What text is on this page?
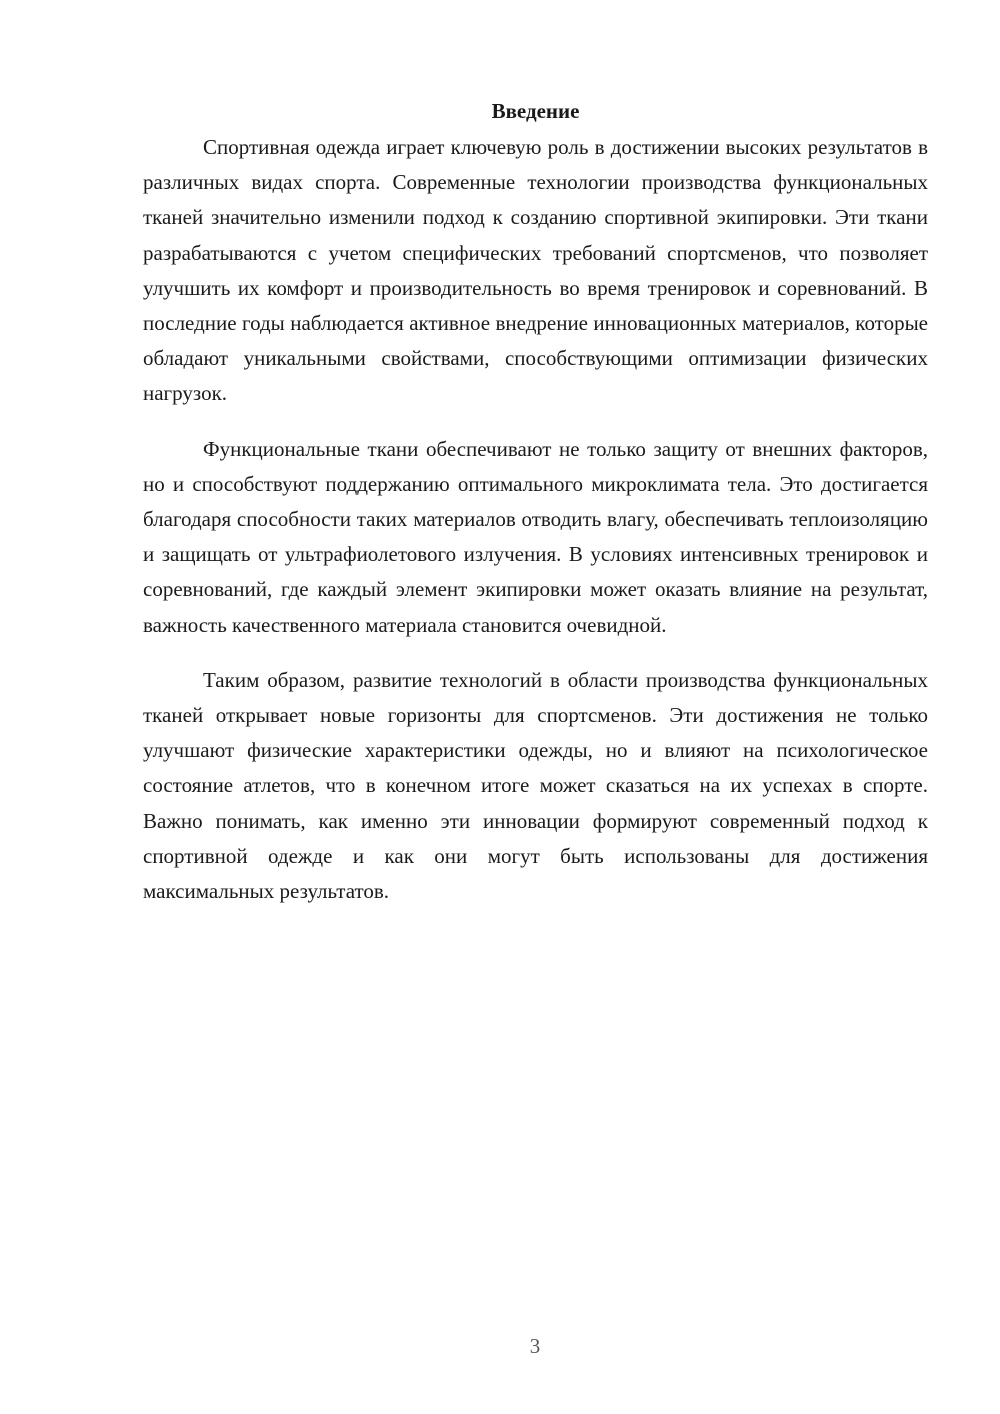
Введение

Спортивная одежда играет ключевую роль в достижении высоких результатов в различных видах спорта. Современные технологии производства функциональных тканей значительно изменили подход к созданию спортивной экипировки. Эти ткани разрабатываются с учетом специфических требований спортсменов, что позволяет улучшить их комфорт и производительность во время тренировок и соревнований. В последние годы наблюдается активное внедрение инновационных материалов, которые обладают уникальными свойствами, способствующими оптимизации физических нагрузок.

Функциональные ткани обеспечивают не только защиту от внешних факторов, но и способствуют поддержанию оптимального микроклимата тела. Это достигается благодаря способности таких материалов отводить влагу, обеспечивать теплоизоляцию и защищать от ультрафиолетового излучения. В условиях интенсивных тренировок и соревнований, где каждый элемент экипировки может оказать влияние на результат, важность качественного материала становится очевидной.

Таким образом, развитие технологий в области производства функциональных тканей открывает новые горизонты для спортсменов. Эти достижения не только улучшают физические характеристики одежды, но и влияют на психологическое состояние атлетов, что в конечном итоге может сказаться на их успехах в спорте. Важно понимать, как именно эти инновации формируют современный подход к спортивной одежде и как они могут быть использованы для достижения максимальных результатов.

3
